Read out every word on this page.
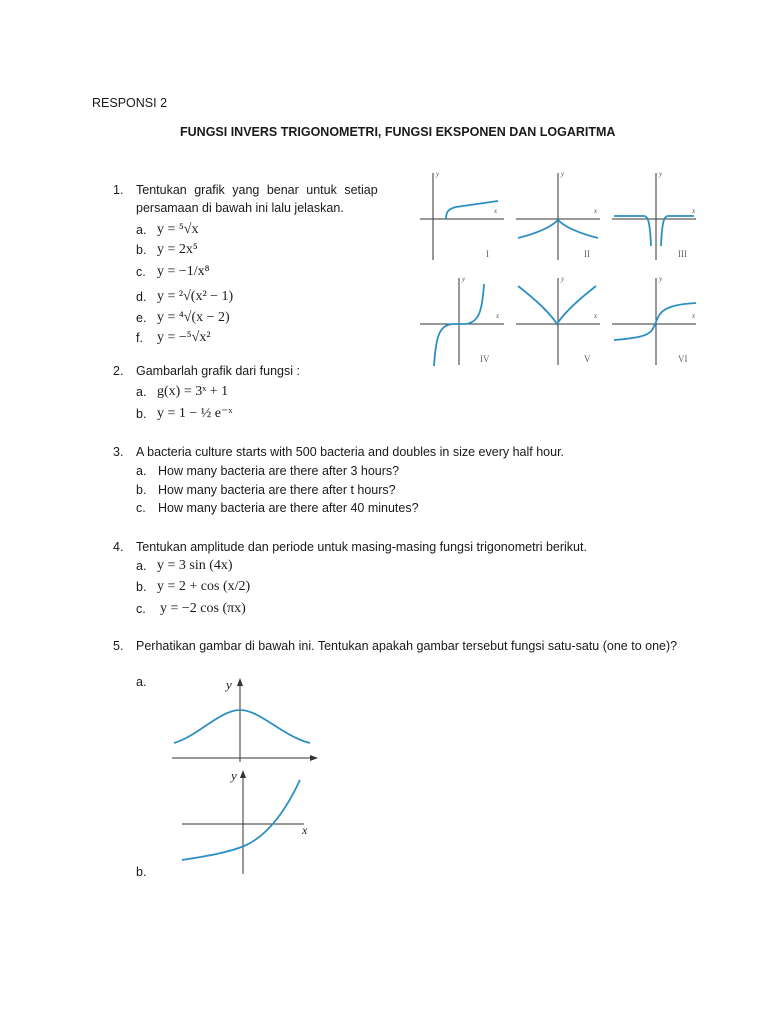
RESPONSI 2
FUNGSI INVERS TRIGONOMETRI, FUNGSI EKSPONEN DAN LOGARITMA
1.	Tentukan grafik yang benar untuk setiap
persamaan di bawah ini lalu jelaskan.
a. y = ⁵√x
b. y = 2x⁵
c. y = −1/x⁸
d. y = ²√(x² − 1)
e. y = ⁴√(x − 2)
f. y = −⁵√x²
y
x
y
x
y
x
y
x
y
x
y
x
I	II	III
IV	V	VI
2.	Gambarlah grafik dari fungsi :
a. g(x) = 3ˣ + 1
b. y = 1 − ½ e⁻ˣ
3.	A bacteria culture starts with 500 bacteria and doubles in size every half hour.
a. How many bacteria are there after 3 hours?
b. How many bacteria are there after t hours?
c. How many bacteria are there after 40 minutes?
4.	Tentukan amplitude dan periode untuk masing-masing fungsi trigonometri berikut.
a. y = 3 sin (4x)
b. y = 2 + cos (x/2)
c. y = −2 cos (πx)
5.	Perhatikan gambar di bawah ini. Tentukan apakah gambar tersebut fungsi satu-satu (one to one)?
a.
b.
y
y
x
